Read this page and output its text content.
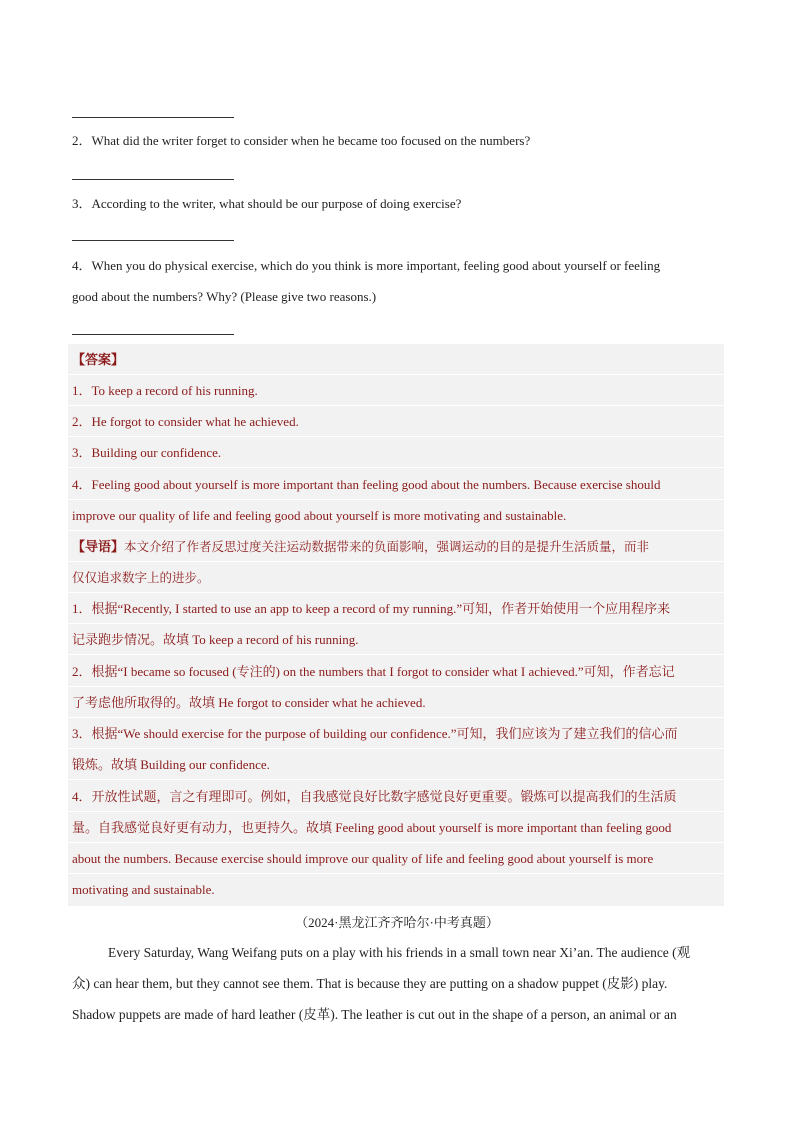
2．What did the writer forget to consider when he became too focused on the numbers?
3．According to the writer, what should be our purpose of doing exercise?
4．When you do physical exercise, which do you think is more important, feeling good about yourself or feeling
good about the numbers? Why? (Please give two reasons.)
【答案】
1．To keep a record of his running.
2．He forgot to consider what he achieved.
3．Building our confidence.
4．Feeling good about yourself is more important than feeling good about the numbers. Because exercise should
improve our quality of life and feeling good about yourself is more motivating and sustainable.
【导语】本文介绍了作者反思过度关注运动数据带来的负面影响，强调运动的目的是提升生活质量，而非
仅仅追求数字上的进步。
1．根据“Recently, I started to use an app to keep a record of my running.”可知，作者开始使用一个应用程序来
记录跑步情况。故填 To keep a record of his running.
2．根据“I became so focused (专注的) on the numbers that I forgot to consider what I achieved.”可知，作者忘记
了考虑他所取得的。故填 He forgot to consider what he achieved.
3．根据“We should exercise for the purpose of building our confidence.”可知，我们应该为了建立我们的信心而
锻炼。故填 Building our confidence.
4．开放性试题，言之有理即可。例如，自我感觉良好比数字感觉良好更重要。锻炼可以提高我们的生活质
量。自我感觉良好更有动力，也更持久。故填 Feeling good about yourself is more important than feeling good
about the numbers. Because exercise should improve our quality of life and feeling good about yourself is more
motivating and sustainable.
（2024·黑龙江齐齐哈尔·中考真题）
Every Saturday, Wang Weifang puts on a play with his friends in a small town near Xi’an. The audience (观
众) can hear them, but they cannot see them. That is because they are putting on a shadow puppet (皮影) play.
Shadow puppets are made of hard leather (皮革). The leather is cut out in the shape of a person, an animal or an
